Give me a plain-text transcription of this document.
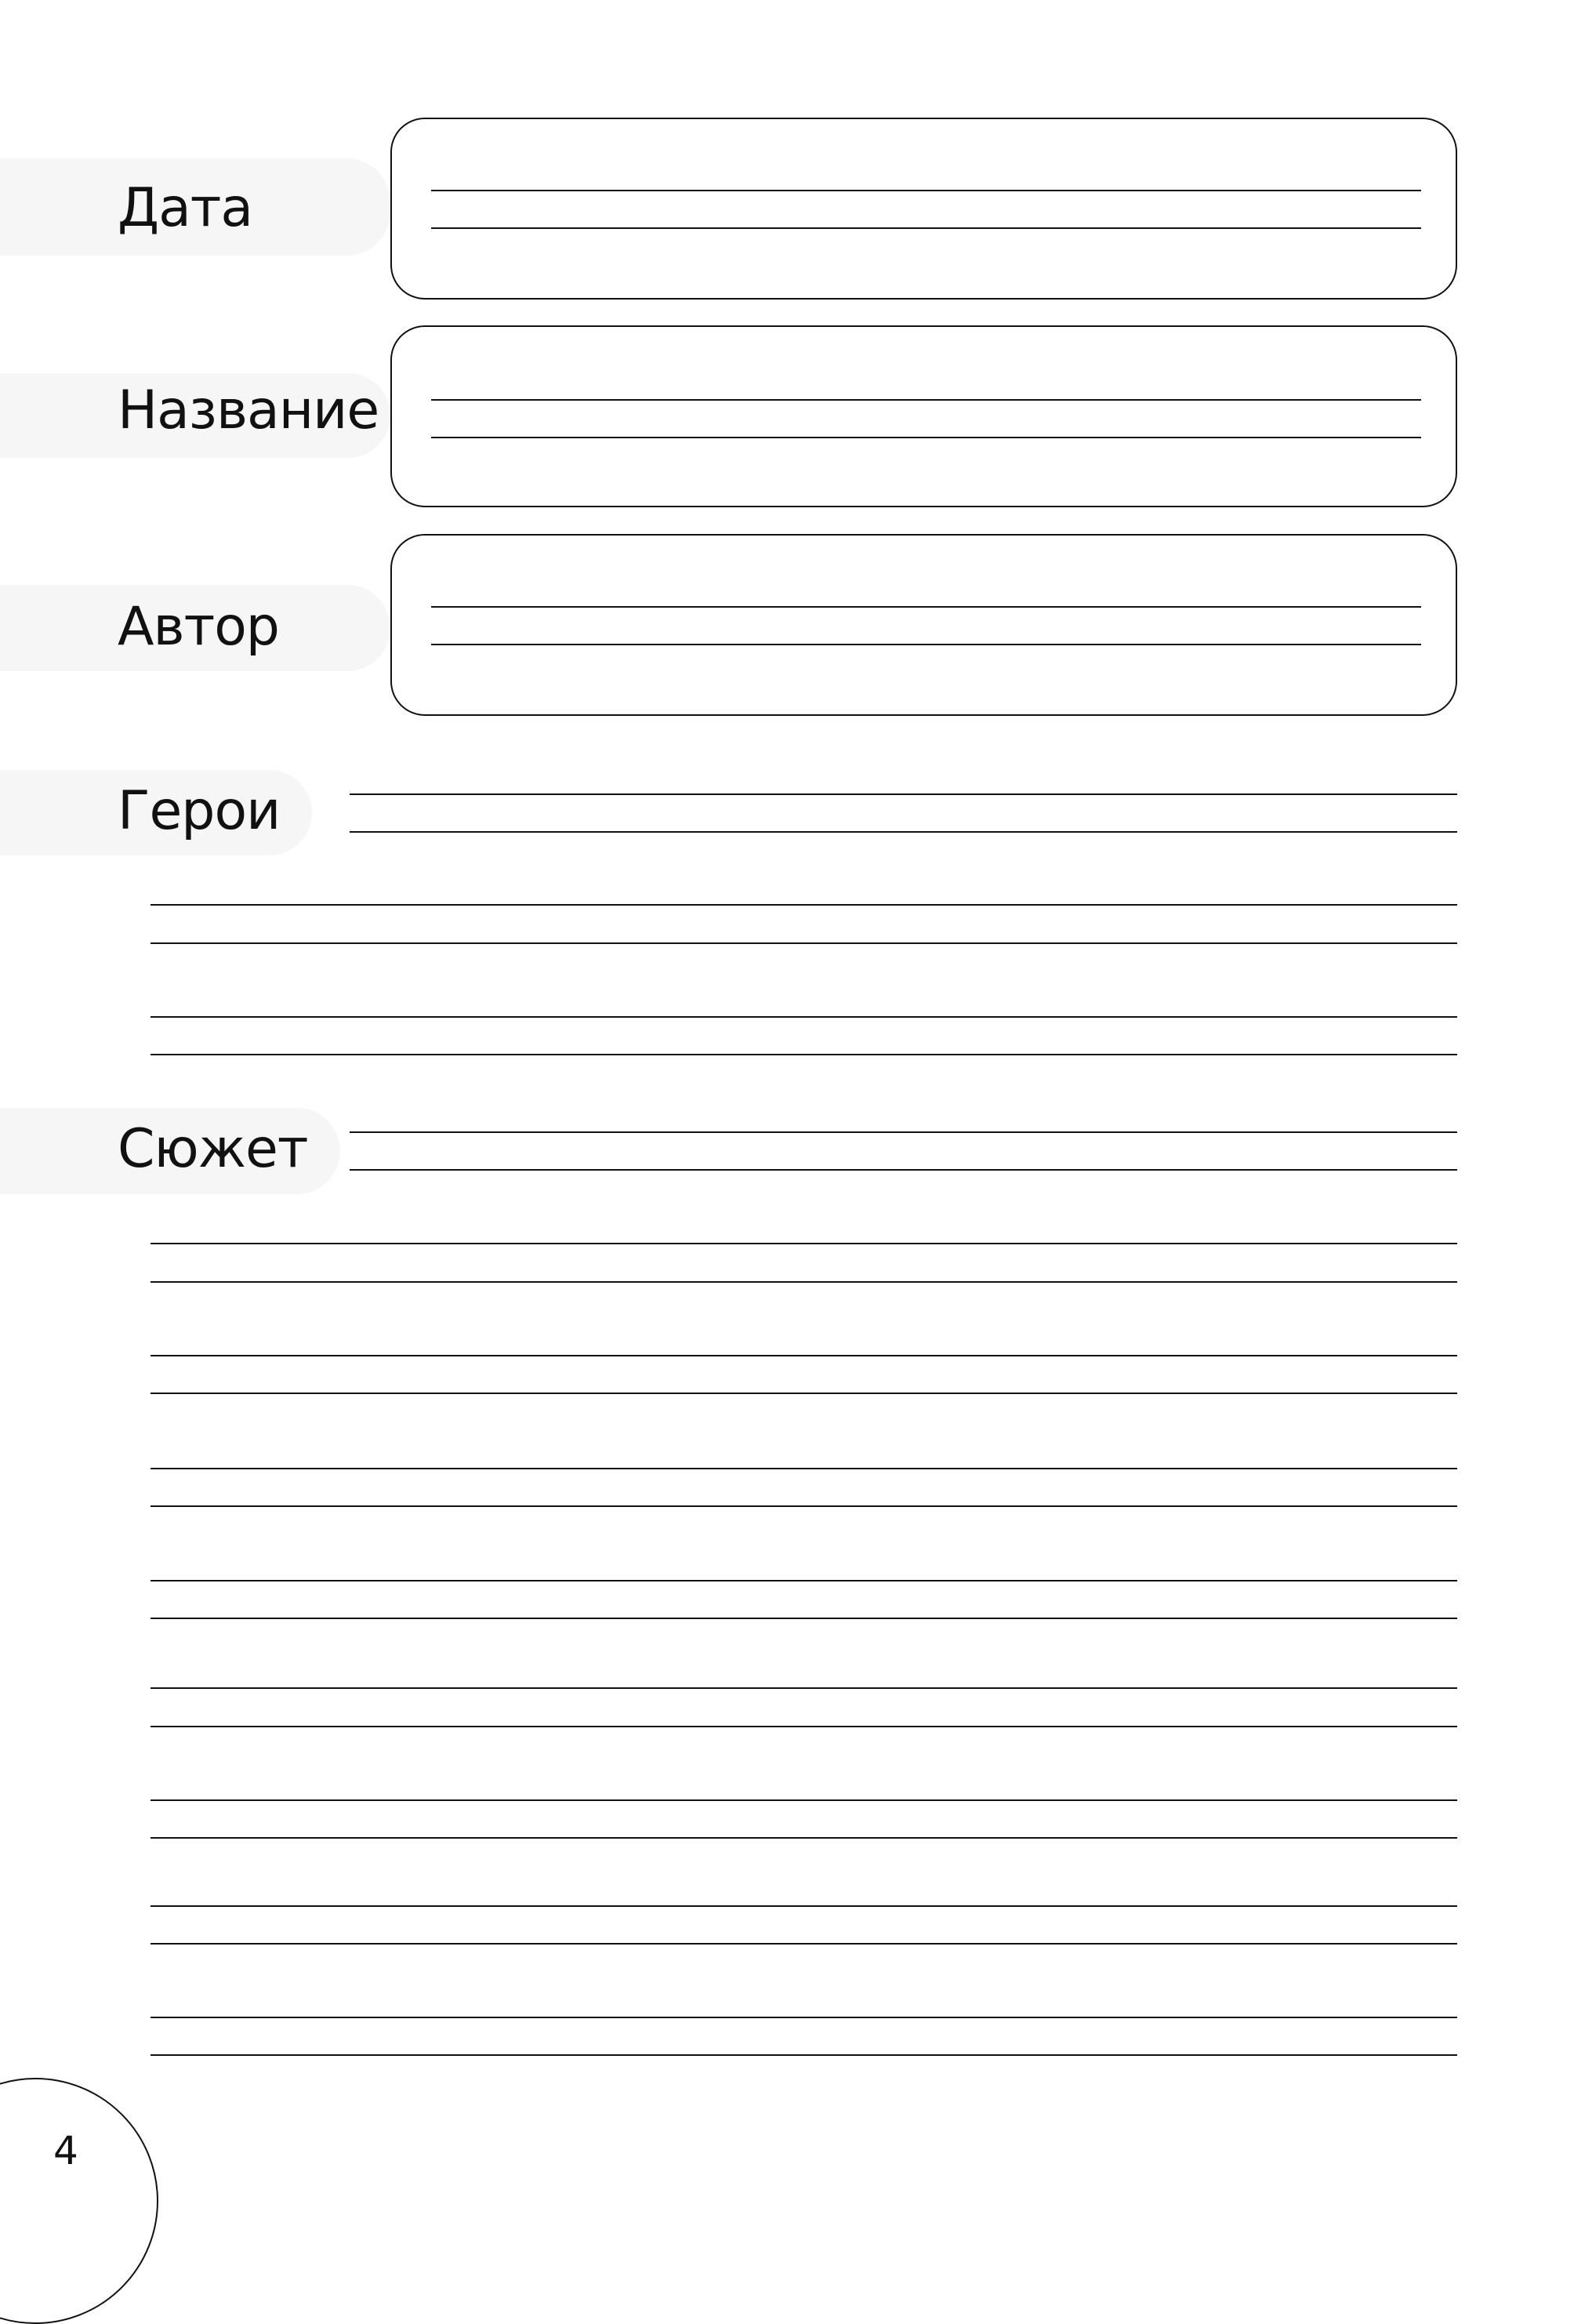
Дата
Название
Автор
Герои
Сюжет
4
